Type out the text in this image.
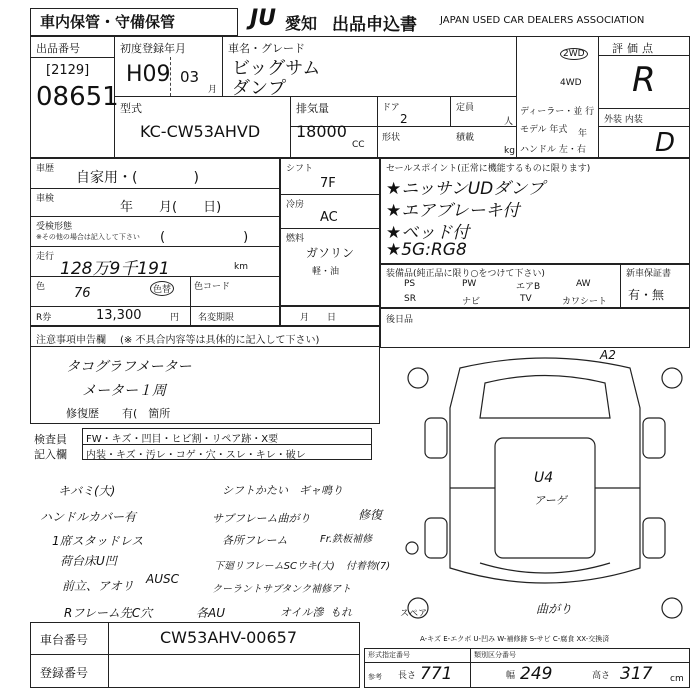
車内保管・守備保管	JU 愛知 出品申込書 JAPAN USED CAR DEALERS ASSOCIATION
出品番号
[2129]
08651
初度登録年月
H09 03
月
車名・グレード
ビッグサム
ダンプ
2WD
4WD
評価点
R
外装 内装
D
型式
KC-CW53AHVD
排気量
18000
CC
ドア
2
定員
人
形状	積載
kg
ディーラー・並 行
モデル 年式 年
ハンドル 左・右
車歴
自家用・(　　　　)
車検
年　　月(　　日)
受検形態
※その他の場合は記入して下さい (　　　　　　)
走行
128万9千191	km
色 76	色替	色コード
R券	13,300	円 名変期限	月　　日
シフト
7F
冷房
AC
燃料
ガソリン
軽・油
セールスポイント(正常に機能するものに限ります)
★ニッサンUDダンプ
★エアブレーキ付
★ベッド付
★5G:RG8
装備品(純正品に限り○をつけて下さい)
PS	PW	エアB	AW
SR	ナビ	TV	カワシート
新車保証書
有・無
後日品
注意事項申告欄 (※ 不具合内容等は具体的に記入して下さい)
タコグラフメーター
メーター１周
修復歴 有(　箇所
検査員
記入欄
FW・キズ・凹目・ヒビ割・リペア跡・X要
内装・キズ・汚レ・コゲ・穴・スレ・キレ・破レ
キバミ(大)
ハンドルカバー有
1席スタッドレス
荷台床U凹
前立、アオリ AUSC
Rフレーム先C穴
シフトかたい　ギャ鳴り
サブフレーム曲がり	修復
各所フレーム	Fr.鉄板補修
下廻リフレームSCウキ(大) 付着物(7)
クーラントサブタンク補修アト
各AU	オイル滲 もれ
A2
U4
アーゲ
曲がり
スペア
A-キズ E-エクボ U-凹み W-補修跡 S-サビ C-腐食 XX-交換済
車台番号	CW53AHV-00657
登録番号
形式指定番号	類別区分番号
参考 長さ 771	幅 249	高さ 317 cm
